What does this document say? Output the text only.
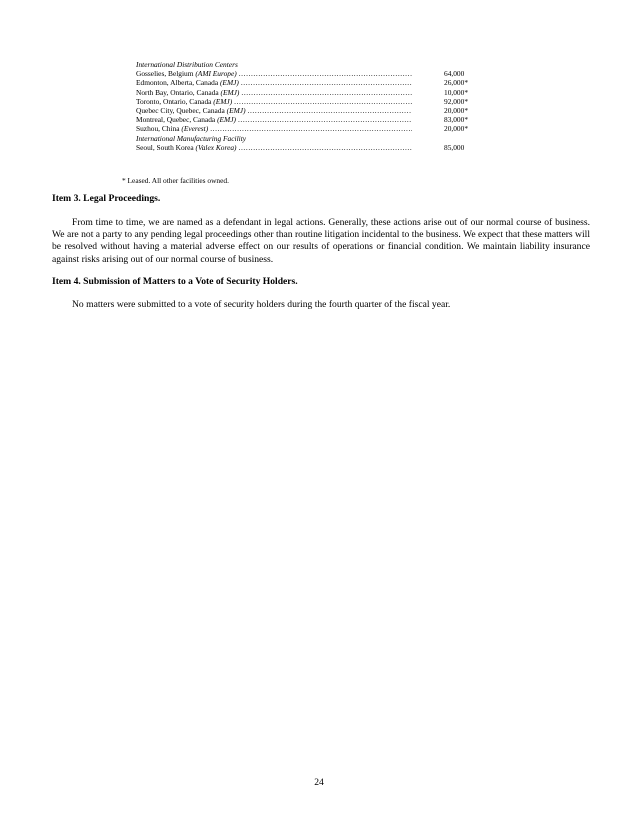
International Distribution Centers
Gosselies, Belgium (AMI Europe) .....	64,000
Edmonton, Alberta, Canada (EMJ) .....	26,000*
North Bay, Ontario, Canada (EMJ) .....	10,000*
Toronto, Ontario, Canada (EMJ) .....	92,000*
Quebec City, Quebec, Canada (EMJ) .....	20,000*
Montreal, Quebec, Canada (EMJ) .....	83,000*
Suzhou, China (Everest) .....	20,000*
International Manufacturing Facility
Seoul, South Korea (Valex Korea) .....	85,000
* Leased. All other facilities owned.
Item 3. Legal Proceedings.

From time to time, we are named as a defendant in legal actions. Generally, these actions arise out of our normal course of business. We are not a party to any pending legal proceedings other than routine litigation incidental to the business. We expect that these matters will be resolved without having a material adverse effect on our results of operations or financial condition. We maintain liability insurance against risks arising out of our normal course of business.

Item 4. Submission of Matters to a Vote of Security Holders.

No matters were submitted to a vote of security holders during the fourth quarter of the fiscal year.

24
